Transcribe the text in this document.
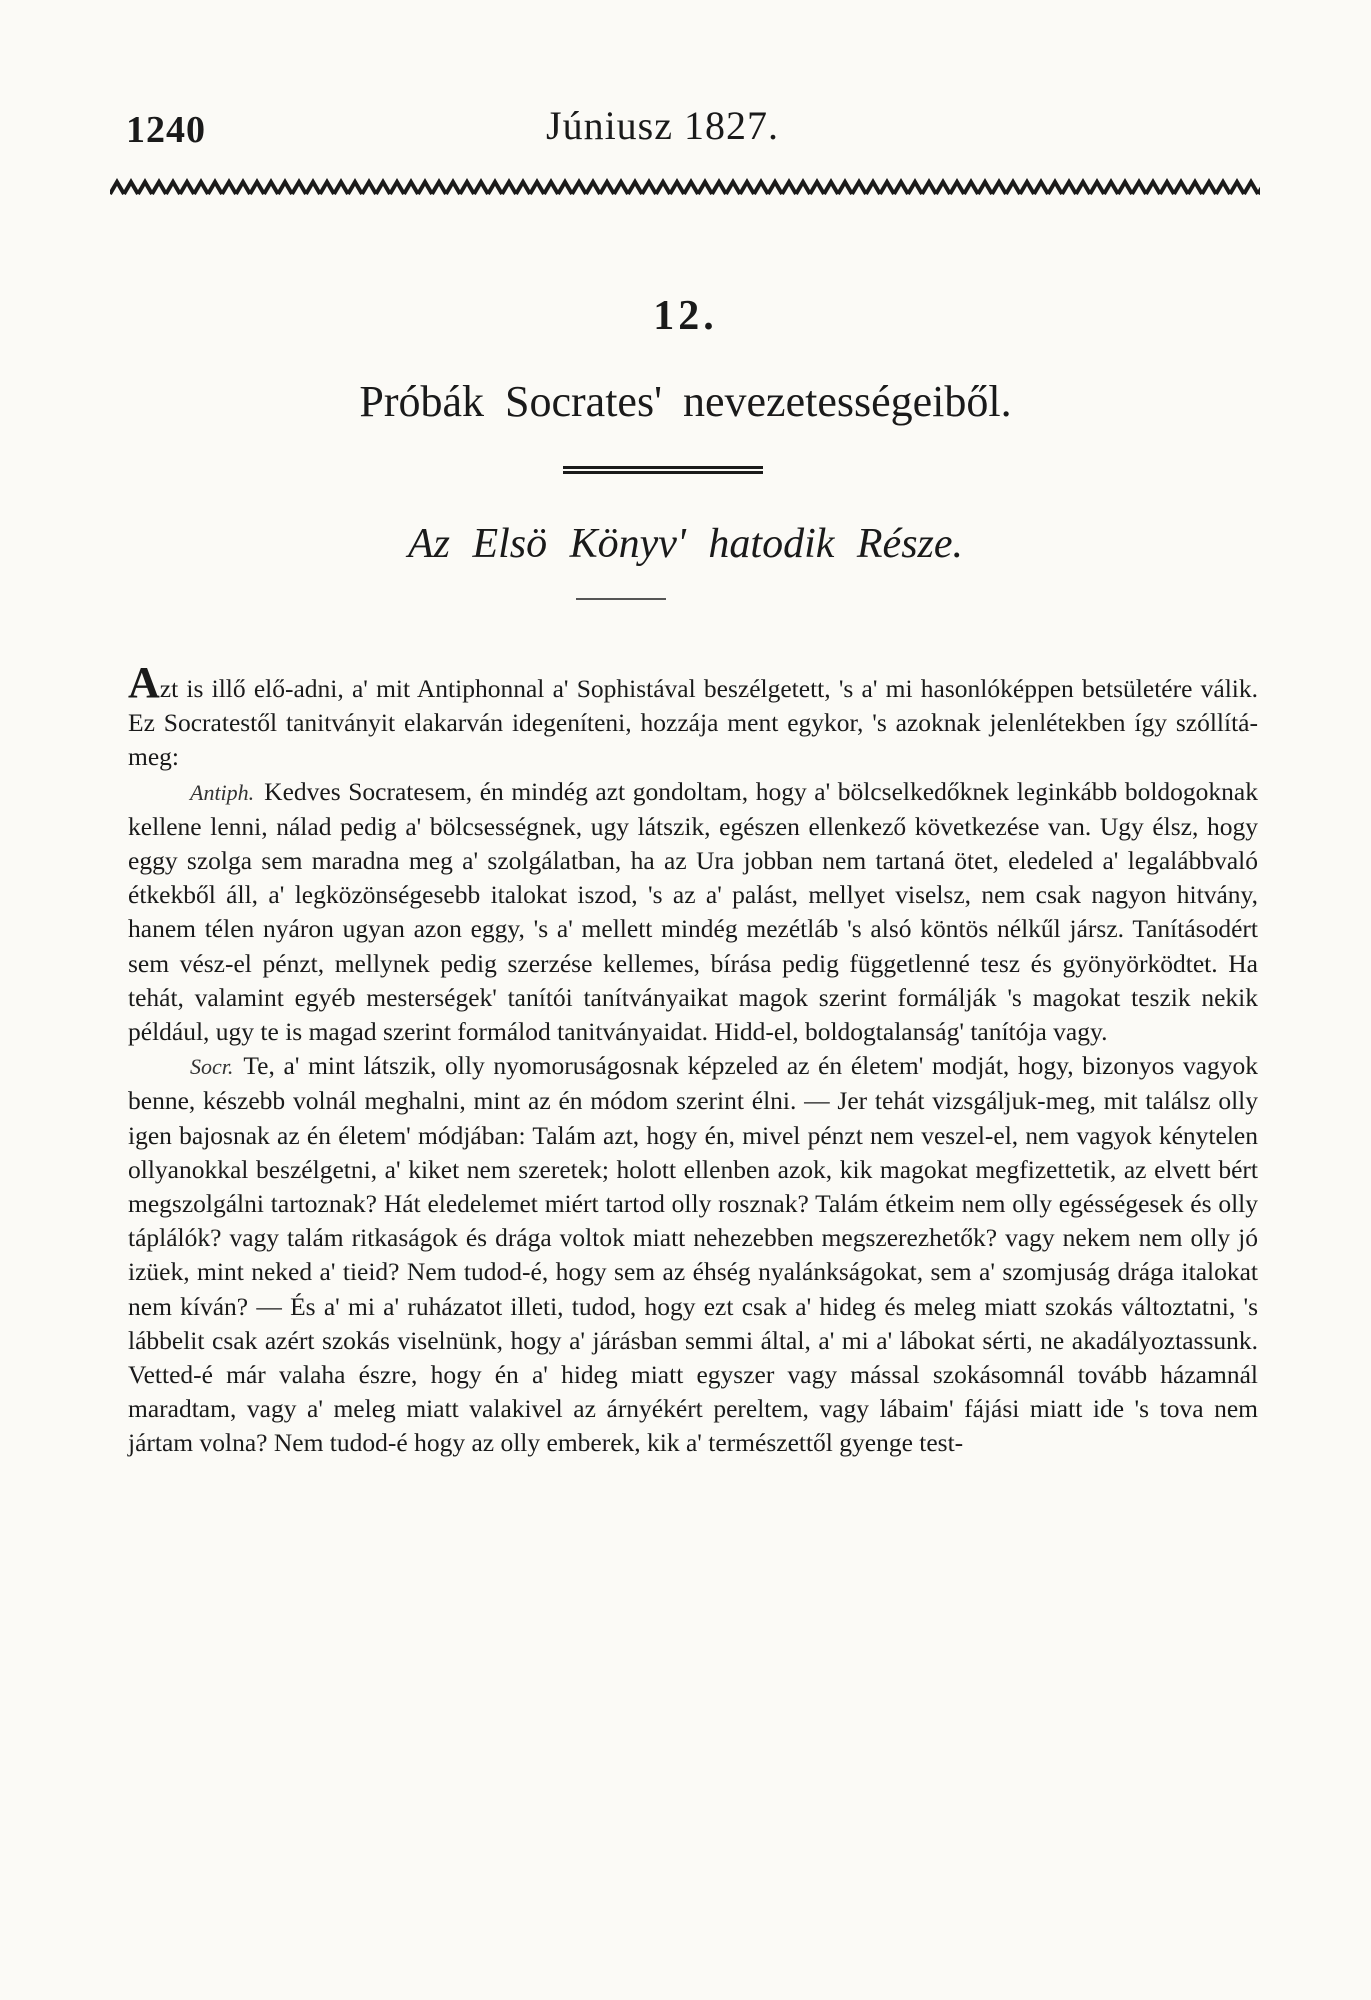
1240	Júniusz 1827.
12.
Próbák Socrates' nevezetességeiből.
Az Elsö Könyv' hatodik Része.

Azt is illő elő-adni, a' mit Antiphonnal a' Sophistával beszélgetett, 's a' mi hasonlóképpen betsületére válik. Ez Socratestől tanitványit elakarván idegeníteni, hozzája ment egykor, 's azoknak jelenlétekben így szóllítá-meg:

Antiph. Kedves Socratesem, én mindég azt gondoltam, hogy a' bölcselkedőknek leginkább boldogoknak kellene lenni, nálad pedig a' bölcsességnek, ugy látszik, egészen ellenkező következése van. Ugy élsz, hogy eggy szolga sem maradna meg a' szolgálatban, ha az Ura jobban nem tartaná ötet, eledeled a' legalábbvaló étkekből áll, a' legközönségesebb italokat iszod, 's az a' palást, mellyet viselsz, nem csak nagyon hitvány, hanem télen nyáron ugyan azon eggy, 's a' mellett mindég mezétláb 's alsó köntös nélkűl jársz. Tanításodért sem vész-el pénzt, mellynek pedig szerzése kellemes, bírása pedig függetlenné tesz és gyönyörködtet. Ha tehát, valamint egyéb mesterségek' tanítói tanítványaikat magok szerint formálják 's magokat teszik nekik például, ugy te is magad szerint formálod tanitványaidat. Hidd-el, boldogtalanság' tanítója vagy.

Socr. Te, a' mint látszik, olly nyomoruságosnak képzeled az én életem' modját, hogy, bizonyos vagyok benne, készebb volnál meghalni, mint az én módom szerint élni. — Jer tehát vizsgáljuk-meg, mit találsz olly igen bajosnak az én életem' módjában: Talám azt, hogy én, mivel pénzt nem veszel-el, nem vagyok kénytelen ollyanokkal beszélgetni, a' kiket nem szeretek; holott ellenben azok, kik magokat megfizettetik, az elvett bért megszolgálni tartoznak? Hát eledelemet miért tartod olly rosznak? Talám étkeim nem olly egésségesek és olly táplálók? vagy talám ritkaságok és drága voltok miatt nehezebben megszerezhetők? vagy nekem nem olly jó izüek, mint neked a' tieid? Nem tudod-é, hogy sem az éhség nyalánkságokat, sem a' szomjuság drága italokat nem kíván? — És a' mi a' ruházatot illeti, tudod, hogy ezt csak a' hideg és meleg miatt szokás változtatni, 's lábbelit csak azért szokás viselnünk, hogy a' járásban semmi által, a' mi a' lábokat sérti, ne akadályoztassunk. Vetted-é már valaha észre, hogy én a' hideg miatt egyszer vagy mással szokásomnál tovább házamnál maradtam, vagy a' meleg miatt valakivel az árnyékért pereltem, vagy lábaim' fájási miatt ide 's tova nem jártam volna? Nem tudod-é hogy az olly emberek, kik a' természettől gyenge test-
